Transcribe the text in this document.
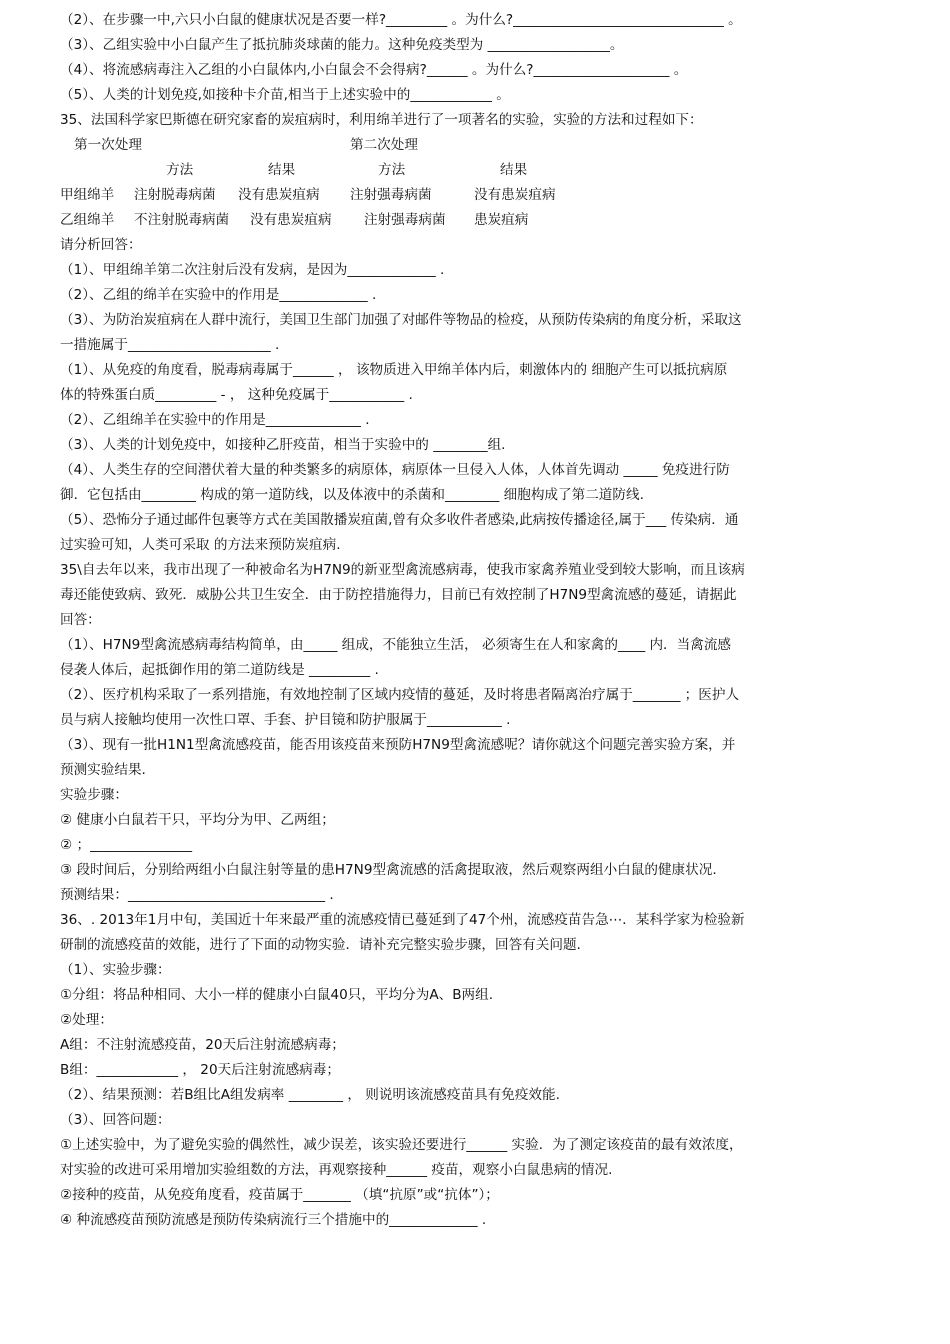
（2）、在步骤一中,六只小白鼠的健康状况是否要一样?_________ 。为什么?_______________________________ 。
（3）、乙组实验中小白鼠产生了抵抗肺炎球菌的能力。这种免疫类型为 __________________。
（4）、将流感病毒注入乙组的小白鼠体内,小白鼠会不会得病?______ 。为什么?____________________ 。
（5）、人类的计划免疫,如接种卡介苗,相当于上述实验中的____________ 。
35、法国科学家巴斯德在研究家畜的炭疽病时，利用绵羊进行了一项著名的实验，实验的方法和过程如下：
第一次处理	第二次处理
方法	结果	方法	结果
甲组绵羊 注射脱毒病菌 没有患炭疽病 注射强毒病菌	没有患炭疽病
乙组绵羊 不注射脱毒病菌 没有患炭疽病 注射强毒病菌 患炭疽病
请分析回答：
（1）、甲组绵羊第二次注射后没有发病，是因为_____________ .
（2）、乙组的绵羊在实验中的作用是_____________ .
（3）、为防治炭疽病在人群中流行，美国卫生部门加强了对邮件等物品的检疫，从预防传染病的角度分析，采取这
一措施属于_____________________ .
（1）、从免疫的角度看，脱毒病毒属于______ ， 该物质进入甲绵羊体内后，刺激体内的 细胞产生可以抵抗病原
体的特殊蛋白质_________ - ， 这种免疫属于___________ .
（2）、乙组绵羊在实验中的作用是______________ .
（3）、人类的计划免疫中，如接种乙肝疫苗，相当于实验中的 ________组.
（4）、人类生存的空间潜伏着大量的种类繁多的病原体，病原体一旦侵入人体，人体首先调动 _____ 免疫进行防
御．它包括由________ 构成的第一道防线，以及体液中的杀菌和________ 细胞构成了第二道防线.
（5）、恐怖分子通过邮件包裹等方式在美国散播炭疽菌,曾有众多收件者感染,此病按传播途径,属于___ 传染病．通
过实验可知，人类可采取 的方法来预防炭疽病.
35\自去年以来，我市出现了一种被命名为H7N9的新亚型禽流感病毒，使我市家禽养殖业受到较大影响，而且该病
毒还能使致病、致死．威胁公共卫生安全．由于防控措施得力，目前已有效控制了H7N9型禽流感的蔓延，请据此
回答：
（1）、H7N9型禽流感病毒结构简单，由_____ 组成，不能独立生活， 必须寄生在人和家禽的____ 内．当禽流感
侵袭人体后，起抵御作用的第二道防线是 _________ .
（2）、医疗机构采取了一系列措施，有效地控制了区域内疫情的蔓延，及时将患者隔离治疗属于_______ ；医护人
员与病人接触均使用一次性口罩、手套、护目镜和防护服属于___________ .
（3）、现有一批H1N1型禽流感疫苗，能否用该疫苗来预防H7N9型禽流感呢？请你就这个问题完善实验方案，并
预测实验结果.
实验步骤：
② 健康小白鼠若干只，平均分为甲、乙两组；
② ；_______________
③ 段时间后，分别给两组小白鼠注射等量的患H7N9型禽流感的活禽提取液，然后观察两组小白鼠的健康状况.
预测结果：_____________________________ .
36、. 2013年1月中旬，美国近十年来最严重的流感疫情已蔓延到了47个州，流感疫苗告急⋯．某科学家为检验新
研制的流感疫苗的效能，进行了下面的动物实验．请补充完整实验步骤，回答有关问题.
（1）、实验步骤：
①分组：将品种相同、大小一样的健康小白鼠40只，平均分为A、B两组.
②处理：
A组：不注射流感疫苗，20天后注射流感病毒；
B组：____________ ， 20天后注射流感病毒；
（2）、结果预测：若B组比A组发病率 ________ ， 则说明该流感疫苗具有免疫效能.
（3）、回答问题：
①上述实验中，为了避免实验的偶然性，减少误差，该实验还要进行______ 实验．为了测定该疫苗的最有效浓度，
对实验的改进可采用增加实验组数的方法，再观察接种______ 疫苗，观察小白鼠患病的情况.
②接种的疫苗，从免疫角度看，疫苗属于_______ （填“抗原”或“抗体”）；
④ 种流感疫苗预防流感是预防传染病流行三个措施中的_____________ .
